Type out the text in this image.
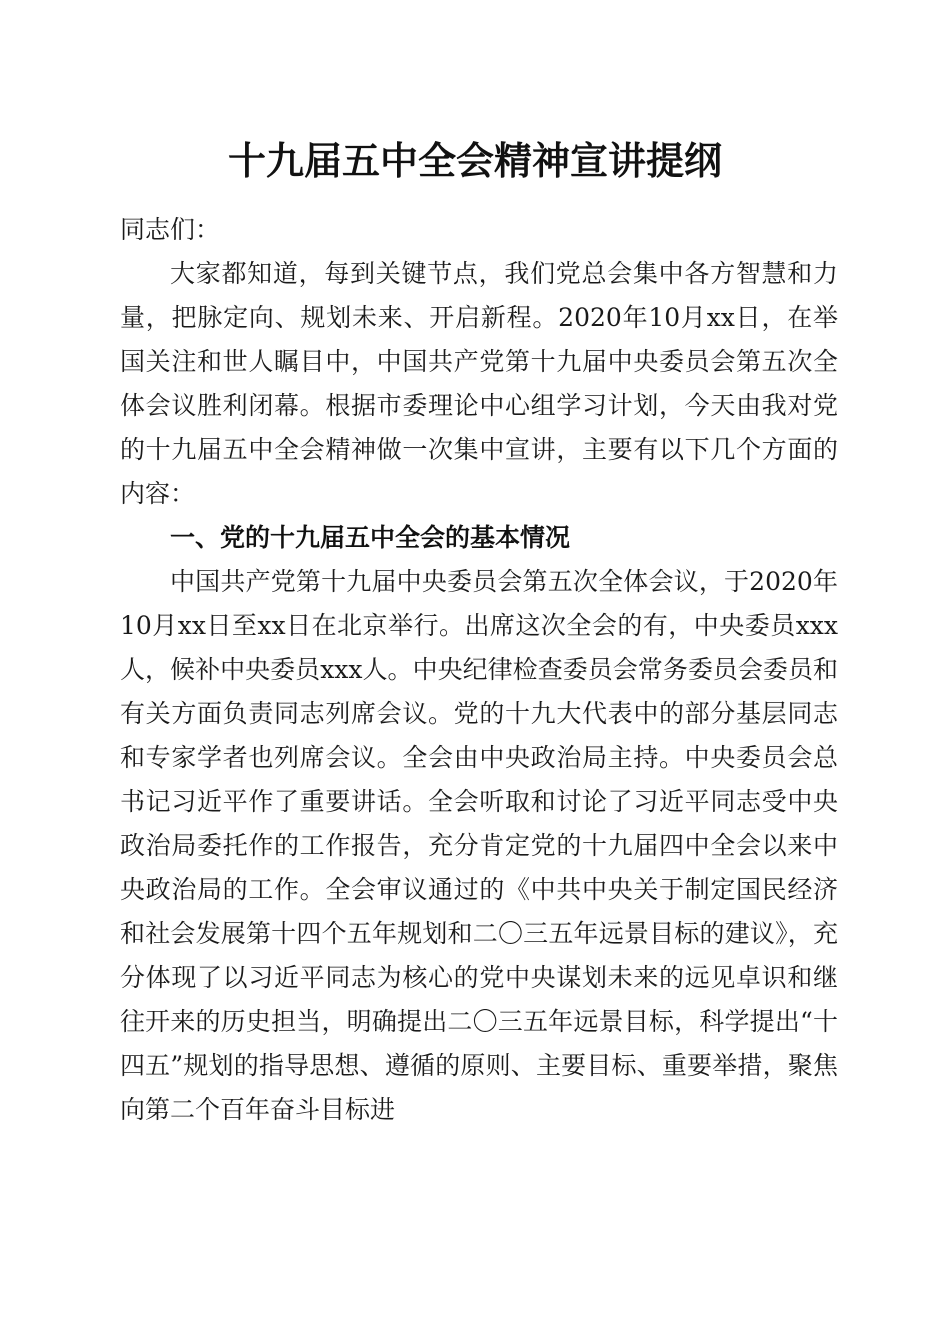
十九届五中全会精神宣讲提纲

同志们：

大家都知道，每到关键节点，我们党总会集中各方智慧和力量，把脉定向、规划未来、开启新程。2020年10月xx日，在举国关注和世人瞩目中，中国共产党第十九届中央委员会第五次全体会议胜利闭幕。根据市委理论中心组学习计划，今天由我对党的十九届五中全会精神做一次集中宣讲，主要有以下几个方面的内容：

一、党的十九届五中全会的基本情况

中国共产党第十九届中央委员会第五次全体会议，于2020年10月xx日至xx日在北京举行。出席这次全会的有，中央委员xxx人，候补中央委员xxx人。中央纪律检查委员会常务委员会委员和有关方面负责同志列席会议。党的十九大代表中的部分基层同志和专家学者也列席会议。全会由中央政治局主持。中央委员会总书记习近平作了重要讲话。全会听取和讨论了习近平同志受中央政治局委托作的工作报告，充分肯定党的十九届四中全会以来中央政治局的工作。全会审议通过的《中共中央关于制定国民经济和社会发展第十四个五年规划和二〇三五年远景目标的建议》，充分体现了以习近平同志为核心的党中央谋划未来的远见卓识和继往开来的历史担当，明确提出二〇三五年远景目标，科学提出“十四五”规划的指导思想、遵循的原则、主要目标、重要举措，聚焦向第二个百年奋斗目标进
